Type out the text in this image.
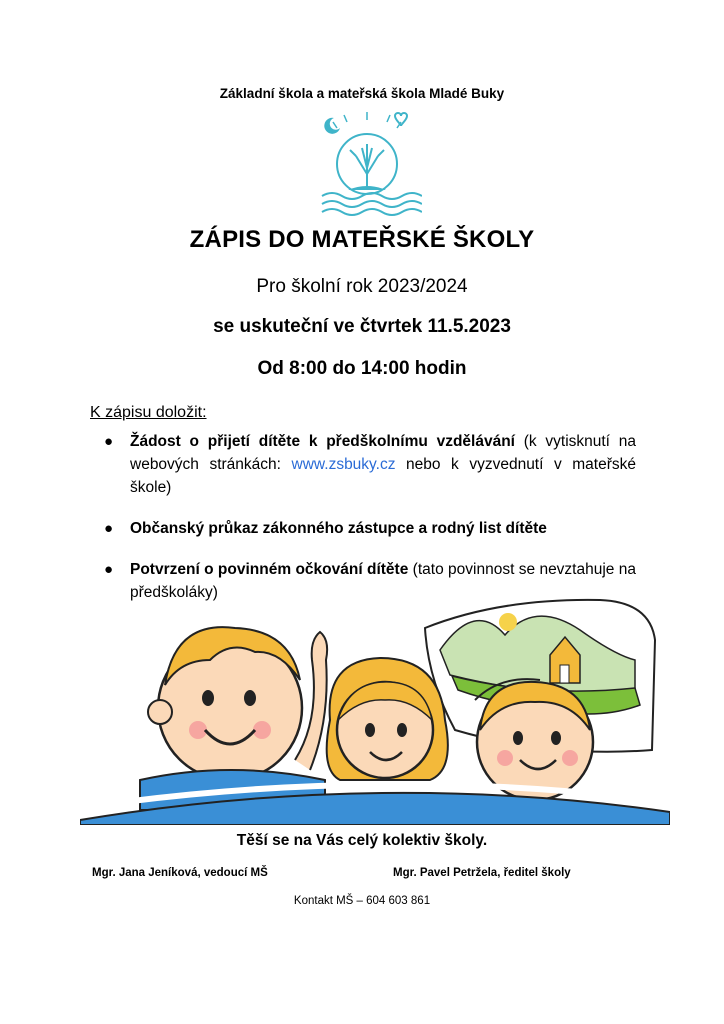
Základní škola a mateřská škola Mladé Buky
ZÁPIS DO MATEŘSKÉ ŠKOLY
Pro školní rok 2023/2024
se uskuteční ve čtvrtek 11.5.2023
Od 8:00 do 14:00 hodin
K zápisu doložit:
● Žádost o přijetí dítěte k předškolnímu vzdělávání (k vytisknutí na webových stránkách: www.zsbuky.cz nebo k vyzvednutí v mateřské škole)
● Občanský průkaz zákonného zástupce a rodný list dítěte
● Potvrzení o povinném očkování dítěte (tato povinnost se nevztahuje na předškoláky)
Těší se na Vás celý kolektiv školy.
Mgr. Jana Jeníková, vedoucí MŠ	Mgr. Pavel Petržela, ředitel školy
Kontakt MŠ – 604 603 861
